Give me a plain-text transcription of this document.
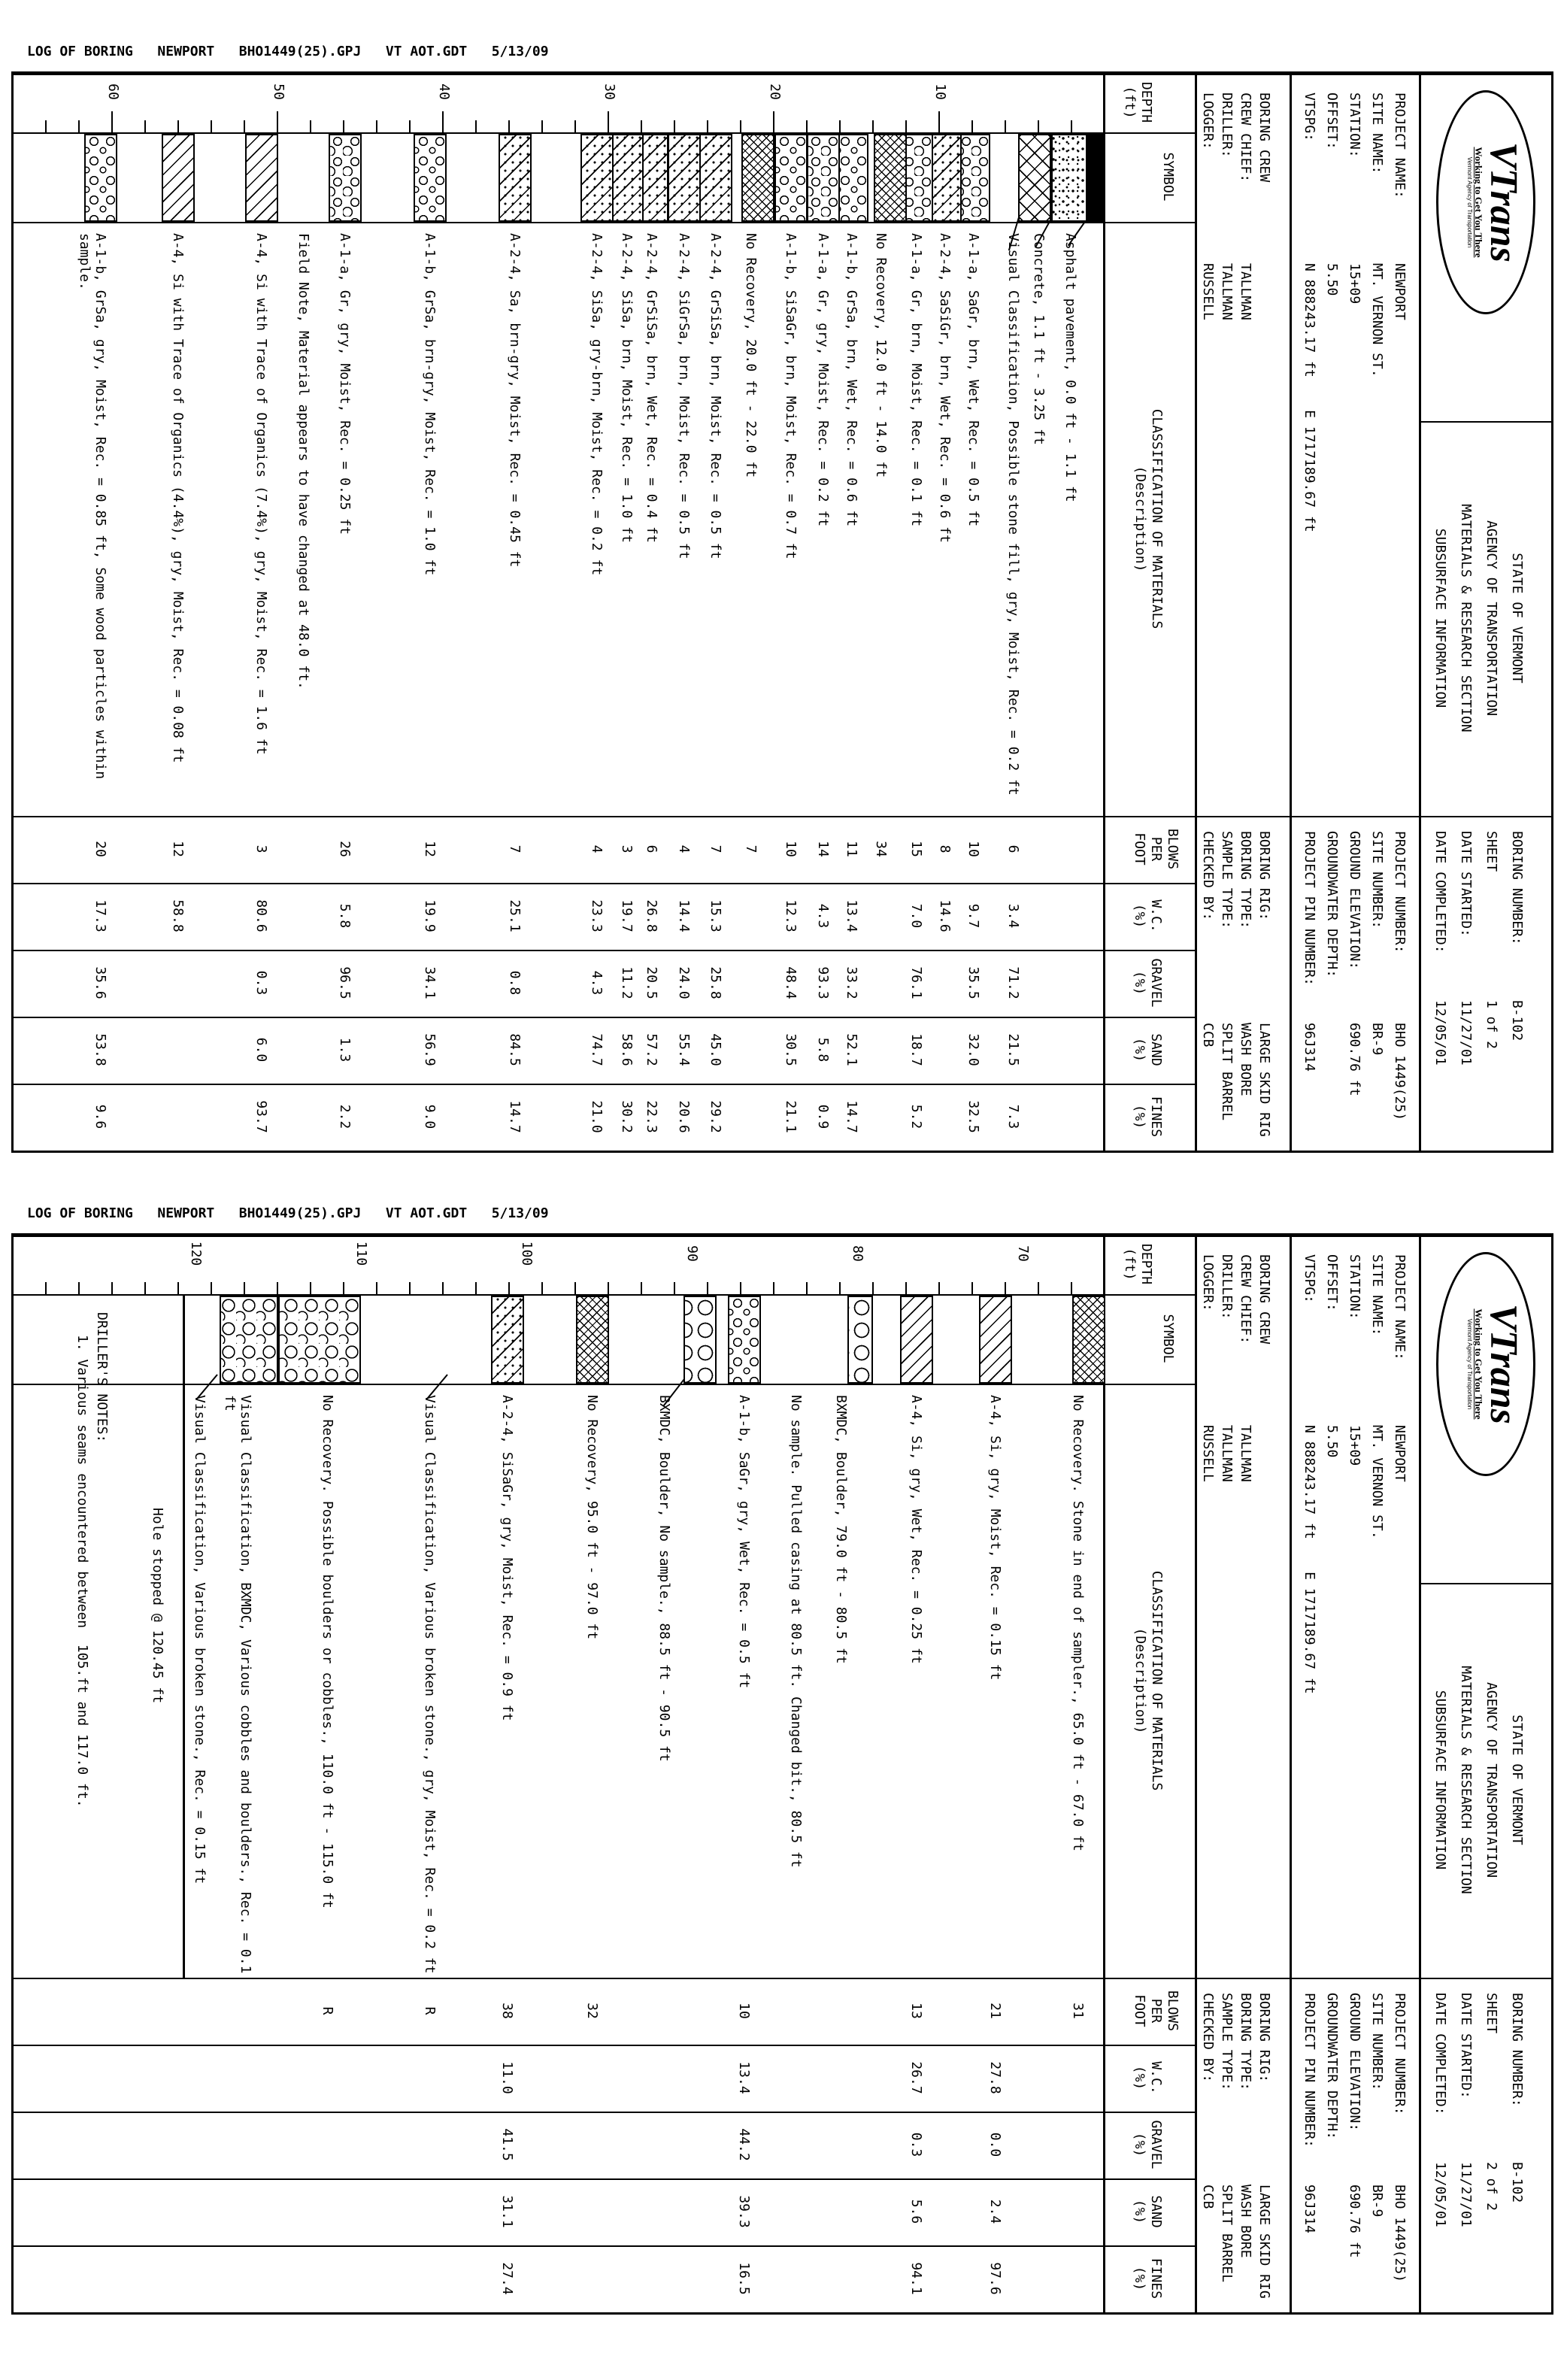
LOG OF BORING   NEWPORT   BHO1449(25).GPJ   VT AOT.GDT   5/13/09
VTrans
Working to Get You There
Vermont Agency of Transportation
STATE OF VERMONT
AGENCY OF TRANSPORTATION
MATERIALS & RESEARCH SECTION
SUBSURFACE INFORMATION
BORING NUMBER:
B-102
SHEET
1 of 2
DATE STARTED:
11/27/01
DATE COMPLETED:
12/05/01
PROJECT NAME:
NEWPORT
SITE NAME:
MT. VERNON ST.
STATION:
15+09
OFFSET:
5.50
VTSPG:
N 888243.17 ft    E 1717189.67 ft
PROJECT NUMBER:
BHO 1449(25)
SITE NUMBER:
BR-9
GROUND ELEVATION:
690.76 ft
GROUNDWATER DEPTH:
PROJECT PIN NUMBER:
96J314
BORING CREW
CREW CHIEF:
TALLMAN
DRILLER:
TALLMAN
LOGGER:
RUSSELL
BORING RIG:
LARGE SKID RIG
BORING TYPE:
WASH BORE
SAMPLE TYPE:
SPLIT BARREL
CHECKED BY:
CCB
DEPTH
(ft)
SYMBOL
CLASSIFICATION OF MATERIALS
(Description)
BLOWS
PER
FOOT
W.C.
(%)
GRAVEL
(%)
SAND
(%)
FINES
(%)
10
20
30
40
50
60
Asphalt pavement, 0.0 ft - 1.1 ft
Concrete, 1.1 ft - 3.25 ft
Visual Classification, Possible stone fill, gry, Moist, Rec. = 0.2 ft
6
3.4
71.2
21.5
7.3
A-1-a, SaGr, brn, Wet, Rec. = 0.5 ft
10
9.7
35.5
32.0
32.5
A-2-4, SaSiGr, brn, Wet, Rec. = 0.6 ft
8
14.6
A-1-a, Gr, brn, Moist, Rec. = 0.1 ft
15
7.0
76.1
18.7
5.2
No Recovery, 12.0 ft - 14.0 ft
34
A-1-b, GrSa, brn, Wet, Rec. = 0.6 ft
11
13.4
33.2
52.1
14.7
A-1-a, Gr, gry, Moist, Rec. = 0.2 ft
14
4.3
93.3
5.8
0.9
A-1-b, SiSaGr, brn, Moist, Rec. = 0.7 ft
10
12.3
48.4
30.5
21.1
No Recovery, 20.0 ft - 22.0 ft
7
A-2-4, GrSiSa, brn, Moist, Rec. = 0.5 ft
7
15.3
25.8
45.0
29.2
A-2-4, SiGrSa, brn, Moist, Rec. = 0.5 ft
4
14.4
24.0
55.4
20.6
A-2-4, GrSiSa, brn, Wet, Rec. = 0.4 ft
6
26.8
20.5
57.2
22.3
A-2-4, SiSa, brn, Moist, Rec. = 1.0 ft
3
19.7
11.2
58.6
30.2
A-2-4, SiSa, gry-brn, Moist, Rec. = 0.2 ft
4
23.3
4.3
74.7
21.0
A-2-4, Sa, brn-gry, Moist, Rec. = 0.45 ft
7
25.1
0.8
84.5
14.7
A-1-b, GrSa, brn-gry, Moist, Rec. = 1.0 ft
12
19.9
34.1
56.9
9.0
A-1-a, Gr, gry, Moist, Rec. = 0.25 ft
26
5.8
96.5
1.3
2.2
Field Note, Material appears to have changed at 48.0 ft.
A-4, Si with Trace of Organics (7.4%), gry, Moist, Rec. = 1.6 ft
3
80.6
0.3
6.0
93.7
A-4, Si with Trace of Organics (4.4%), gry, Moist, Rec. = 0.08 ft
12
58.8
A-1-b, GrSa, gry, Moist, Rec. = 0.85 ft, Some wood particles within sample.
20
17.3
35.6
53.8
9.6
LOG OF BORING   NEWPORT   BHO1449(25).GPJ   VT AOT.GDT   5/13/09
VTrans
Working to Get You There
Vermont Agency of Transportation
STATE OF VERMONT
AGENCY OF TRANSPORTATION
MATERIALS & RESEARCH SECTION
SUBSURFACE INFORMATION
BORING NUMBER:
B-102
SHEET
2 of 2
DATE STARTED:
11/27/01
DATE COMPLETED:
12/05/01
PROJECT NAME:
NEWPORT
SITE NAME:
MT. VERNON ST.
STATION:
15+09
OFFSET:
5.50
VTSPG:
N 888243.17 ft    E 1717189.67 ft
PROJECT NUMBER:
BHO 1449(25)
SITE NUMBER:
BR-9
GROUND ELEVATION:
690.76 ft
GROUNDWATER DEPTH:
PROJECT PIN NUMBER:
96J314
BORING CREW
CREW CHIEF:
TALLMAN
DRILLER:
TALLMAN
LOGGER:
RUSSELL
BORING RIG:
LARGE SKID RIG
BORING TYPE:
WASH BORE
SAMPLE TYPE:
SPLIT BARREL
CHECKED BY:
CCB
DEPTH
(ft)
SYMBOL
CLASSIFICATION OF MATERIALS
(Description)
BLOWS
PER
FOOT
W.C.
(%)
GRAVEL
(%)
SAND
(%)
FINES
(%)
70
80
90
100
110
120
No Recovery. Stone in end of sampler., 65.0 ft - 67.0 ft
31
A-4, Si, gry, Moist, Rec. = 0.15 ft
21
27.8
0.0
2.4
97.6
A-4, Si, gry, Wet, Rec. = 0.25 ft
13
26.7
0.3
5.6
94.1
BXMDC, Boulder, 79.0 ft - 80.5 ft
No sample. Pulled casing at 80.5 ft. Changed bit., 80.5 ft
A-1-b, SaGr, gry, Wet, Rec. = 0.5 ft
10
13.4
44.2
39.3
16.5
BXMDC, Boulder, No sample., 88.5 ft - 90.5 ft
No Recovery, 95.0 ft - 97.0 ft
32
A-2-4, SiSaGr, gry, Moist, Rec. = 0.9 ft
38
11.0
41.5
31.1
27.4
Visual Classification, Various broken stone., gry, Moist, Rec. = 0.2 ft
R
No Recovery. Possible boulders or cobbles., 110.0 ft - 115.0 ft
R
Visual Classification, BXMDC, Various cobbles and boulders., Rec. = 0.1 ft
Visual Classification, Various broken stone., Rec. = 0.15 ft
Hole stopped @ 120.45 ft
DRILLER'S NOTES:
1. Various seams encountered between  105.ft and 117.0 ft.
